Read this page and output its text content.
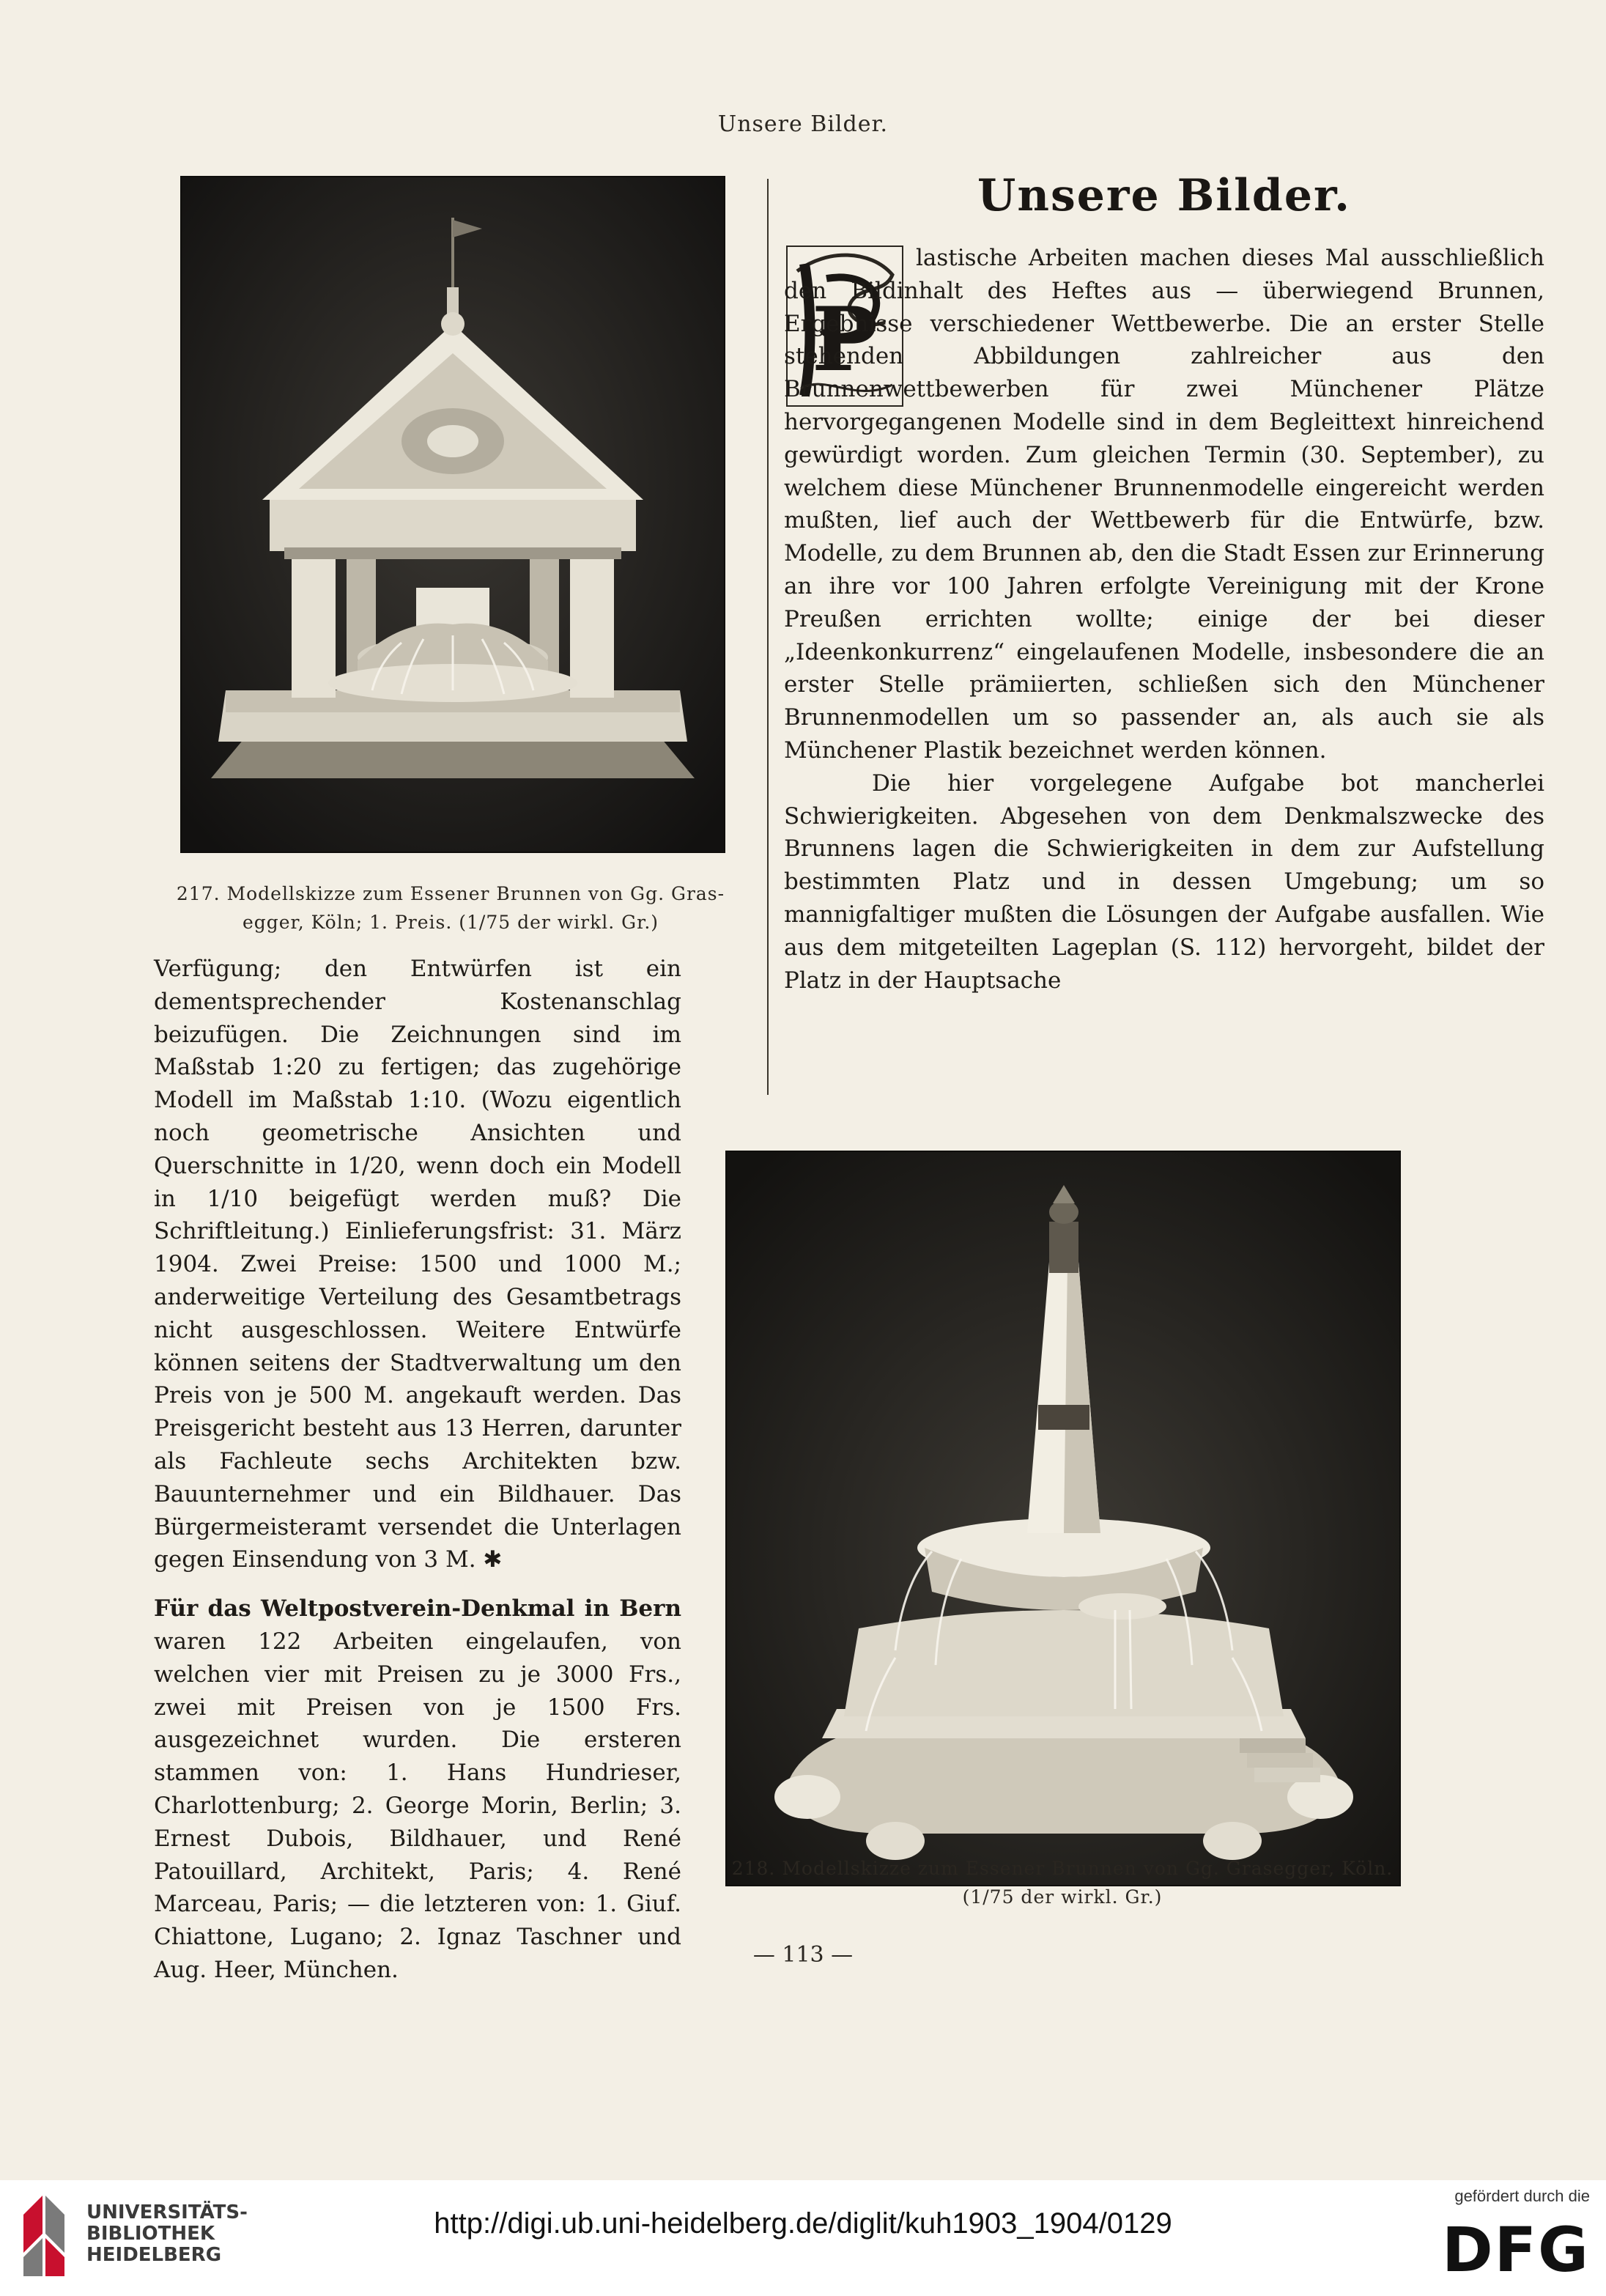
Unsere Bilder.
217. Modellskizze zum Essener Brunnen von Gg. Gras-
egger, Köln; 1. Preis. (1/75 der wirkl. Gr.)
Unsere Bilder.
P

lastische Arbeiten machen dieses Mal ausschließlich den Bildinhalt des Heftes aus — überwiegend Brunnen, Ergebnisse verschiedener Wettbewerbe. Die an erster Stelle stehenden Abbildungen zahlreicher aus den Brunnenwettbewerben für zwei Münchener Plätze hervorgegangenen Modelle sind in dem Begleittext hinreichend gewürdigt worden. Zum gleichen Termin (30. September), zu welchem diese Münchener Brunnenmodelle eingereicht werden mußten, lief auch der Wettbewerb für die Entwürfe, bzw. Modelle, zu dem Brunnen ab, den die Stadt Essen zur Erinnerung an ihre vor 100 Jahren erfolgte Vereinigung mit der Krone Preußen errichten wollte; einige der bei dieser „Ideenkonkurrenz“ eingelaufenen Modelle, insbesondere die an erster Stelle prämiierten, schließen sich den Münchener Brunnenmodellen um so passender an, als auch sie als Münchener Plastik bezeichnet werden können.

Die hier vorgelegene Aufgabe bot mancherlei Schwierigkeiten. Abgesehen von dem Denkmalszwecke des Brunnens lagen die Schwierigkeiten in dem zur Aufstellung bestimmten Platz und in dessen Umgebung; um so mannigfaltiger mußten die Lösungen der Aufgabe ausfallen. Wie aus dem mitgeteilten Lageplan (S. 112) hervorgeht, bildet der Platz in der Hauptsache

218. Modellskizze zum Essener Brunnen von Gg. Grasegger, Köln.
(1/75 der wirkl. Gr.)

Verfügung; den Entwürfen ist ein dementsprechender Kostenanschlag beizufügen. Die Zeichnungen sind im Maßstab 1:20 zu fertigen; das zugehörige Modell im Maßstab 1:10. (Wozu eigentlich noch geometrische Ansichten und Querschnitte in 1/20, wenn doch ein Modell in 1/10 beigefügt werden muß? Die Schriftleitung.) Einlieferungsfrist: 31. März 1904. Zwei Preise: 1500 und 1000 M.; anderweitige Verteilung des Gesamtbetrags nicht ausgeschlossen. Weitere Entwürfe können seitens der Stadtverwaltung um den Preis von je 500 M. angekauft werden. Das Preisgericht besteht aus 13 Herren, darunter als Fachleute sechs Architekten bzw. Bauunternehmer und ein Bildhauer. Das Bürgermeisteramt versendet die Unterlagen gegen Einsendung von 3 M. ✱

Für das Weltpostverein-Denkmal in Bern waren 122 Arbeiten eingelaufen, von welchen vier mit Preisen zu je 3000 Frs., zwei mit Preisen von je 1500 Frs. ausgezeichnet wurden. Die ersteren stammen von: 1. Hans Hundrieser, Charlottenburg; 2. George Morin, Berlin; 3. Ernest Dubois, Bildhauer, und René Patouillard, Architekt, Paris; 4. René Marceau, Paris; — die letzteren von: 1. Giuf. Chiattone, Lugano; 2. Ignaz Taschner und Aug. Heer, München.

— 113 —
UNIVERSITÄTS-
BIBLIOTHEK
HEIDELBERG
http://digi.ub.uni-heidelberg.de/diglit/kuh1903_1904/0129
gefördert durch die
DFG
